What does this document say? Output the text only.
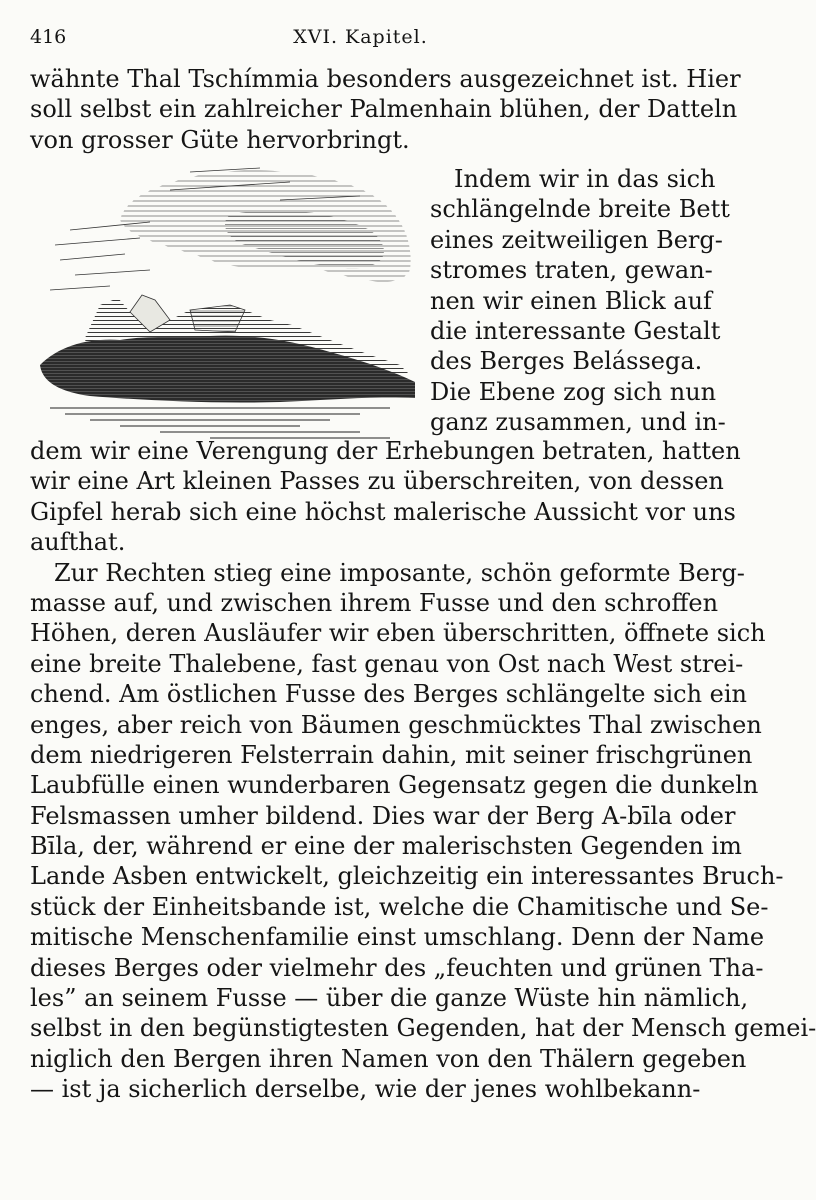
416	XVI. Kapitel.
wähnte Thal Tschímmia besonders ausgezeichnet ist. Hier
soll selbst ein zahlreicher Palmenhain blühen, der Datteln
von grosser Güte hervorbringt.
Indem wir in das sich
schlängelnde breite Bett
eines zeitweiligen Berg-
stromes traten, gewan-
nen wir einen Blick auf
die interessante Gestalt
des Berges Belássega.
Die Ebene zog sich nun
ganz zusammen, und in-
dem wir eine Verengung der Erhebungen betraten, hatten
wir eine Art kleinen Passes zu überschreiten, von dessen
Gipfel herab sich eine höchst malerische Aussicht vor uns
aufthat.
Zur Rechten stieg eine imposante, schön geformte Berg-
masse auf, und zwischen ihrem Fusse und den schroffen
Höhen, deren Ausläufer wir eben überschritten, öffnete sich
eine breite Thalebene, fast genau von Ost nach West strei-
chend. Am östlichen Fusse des Berges schlängelte sich ein
enges, aber reich von Bäumen geschmücktes Thal zwischen
dem niedrigeren Felsterrain dahin, mit seiner frischgrünen
Laubfülle einen wunderbaren Gegensatz gegen die dunkeln
Felsmassen umher bildend. Dies war der Berg A-bīla oder
Bīla, der, während er eine der malerischsten Gegenden im
Lande Asben entwickelt, gleichzeitig ein interessantes Bruch-
stück der Einheitsbande ist, welche die Chamitische und Se-
mitische Menschenfamilie einst umschlang. Denn der Name
dieses Berges oder vielmehr des „feuchten und grünen Tha-
les” an seinem Fusse — über die ganze Wüste hin nämlich,
selbst in den begünstigtesten Gegenden, hat der Mensch gemei-
niglich den Bergen ihren Namen von den Thälern gegeben
— ist ja sicherlich derselbe, wie der jenes wohlbekann-
